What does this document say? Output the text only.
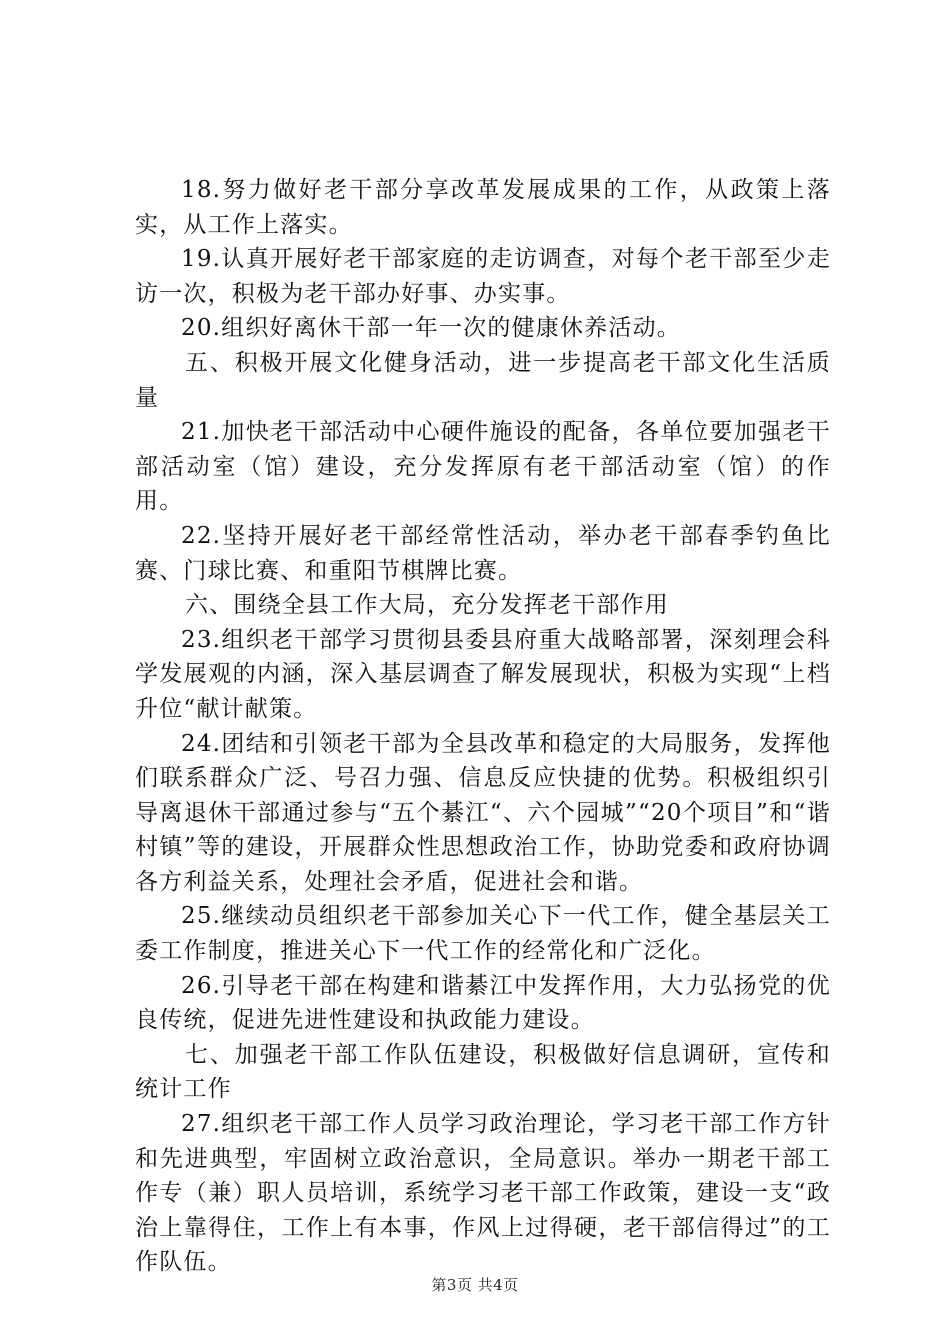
18.努力做好老干部分享改革发展成果的工作，从政策上落实，从工作上落实。

19.认真开展好老干部家庭的走访调查，对每个老干部至少走访一次，积极为老干部办好事、办实事。

20.组织好离休干部一年一次的健康休养活动。

五、积极开展文化健身活动，进一步提高老干部文化生活质量

21.加快老干部活动中心硬件施设的配备，各单位要加强老干部活动室（馆）建设，充分发挥原有老干部活动室（馆）的作用。

22.坚持开展好老干部经常性活动，举办老干部春季钓鱼比赛、门球比赛、和重阳节棋牌比赛。

六、围绕全县工作大局，充分发挥老干部作用

23.组织老干部学习贯彻县委县府重大战略部署，深刻理会科学发展观的内涵，深入基层调查了解发展现状，积极为实现“上档升位“献计献策。

24.团结和引领老干部为全县改革和稳定的大局服务，发挥他们联系群众广泛、号召力强、信息反应快捷的优势。积极组织引导离退休干部通过参与“五个綦江“、六个园城”“20个项目”和“谐村镇”等的建设，开展群众性思想政治工作，协助党委和政府协调各方利益关系，处理社会矛盾，促进社会和谐。

25.继续动员组织老干部参加关心下一代工作，健全基层关工委工作制度，推进关心下一代工作的经常化和广泛化。

26.引导老干部在构建和谐綦江中发挥作用，大力弘扬党的优良传统，促进先进性建设和执政能力建设。

七、加强老干部工作队伍建设，积极做好信息调研，宣传和统计工作

27.组织老干部工作人员学习政治理论，学习老干部工作方针和先进典型，牢固树立政治意识，全局意识。举办一期老干部工作专（兼）职人员培训，系统学习老干部工作政策，建设一支“政治上靠得住，工作上有本事，作风上过得硬，老干部信得过”的工作队伍。

第3页 共4页
